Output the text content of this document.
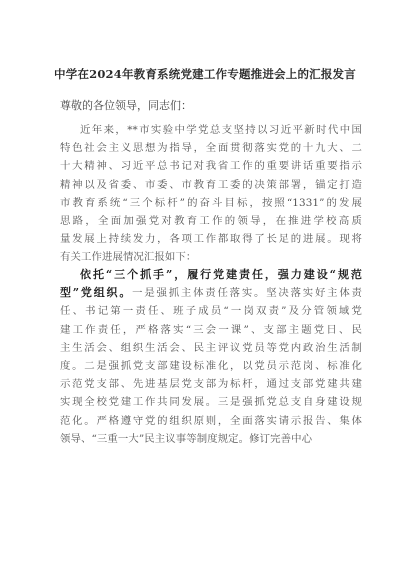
中学在2024年教育系统党建工作专题推进会上的汇报发言
尊敬的各位领导，同志们：
近年来，**市实验中学党总支坚持以习近平新时代中国
特色社会主义思想为指导，全面贯彻落实党的十九大、二
十大精神、习近平总书记对我省工作的重要讲话重要指示
精神以及省委、市委、市教育工委的决策部署，锚定打造
市教育系统“三个标杆”的奋斗目标，按照“1331”的发展
思路，全面加强党对教育工作的领导，在推进学校高质
量发展上持续发力，各项工作都取得了长足的进展。现将
有关工作进展情况汇报如下：
依托“三个抓手”，履行党建责任，强力建设“规范
型”党组织。一是强抓主体责任落实。坚决落实好主体责
任、书记第一责任、班子成员“一岗双责”及分管领域党
建工作责任，严格落实“三会一课”、支部主题党日、民
主生活会、组织生活会、民主评议党员等党内政治生活制
度。二是强抓党支部建设标准化，以党员示范岗、标准化
示范党支部、先进基层党支部为标杆，通过支部党建共建
实现全校党建工作共同发展。三是强抓党总支自身建设规
范化。严格遵守党的组织原则，全面落实请示报告、集体
领导、“三重一大”民主议事等制度规定。修订完善中心
